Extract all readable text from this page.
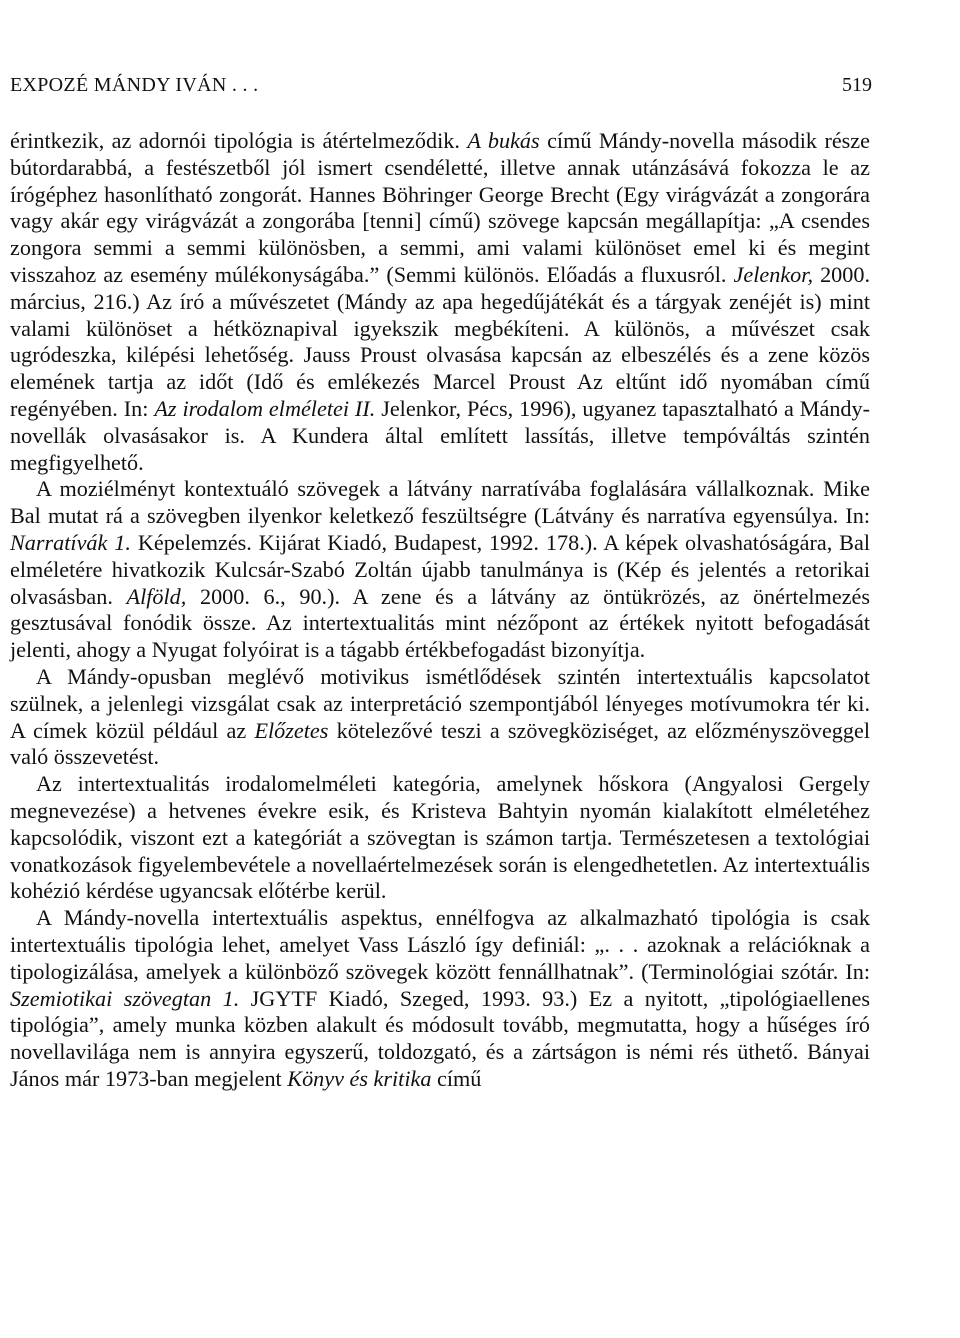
EXPOZÉ MÁNDY IVÁN . . .	519

érintkezik, az adornói tipológia is átértelmeződik. A bukás című Mándy-novella második része bútordarabbá, a festészetből jól ismert csendéletté, illetve annak utánzásává fokozza le az írógéphez hasonlítható zongorát. Hannes Böhringer George Brecht (Egy virágvázát a zongorára vagy akár egy virágvázát a zongorába [tenni] című) szövege kapcsán megállapítja: „A csendes zongora semmi a semmi különösben, a semmi, ami valami különöset emel ki és megint visszahoz az esemény múlékonyságába.” (Semmi különös. Előadás a fluxusról. Jelenkor, 2000. március, 216.) Az író a művészetet (Mándy az apa hegedűjátékát és a tárgyak zenéjét is) mint valami különöset a hétköznapival igyekszik megbékíteni. A különös, a művészet csak ugródeszka, kilépési lehetőség. Jauss Proust olvasása kapcsán az elbeszélés és a zene közös elemének tartja az időt (Idő és emlékezés Marcel Proust Az eltűnt idő nyomában című regényében. In: Az irodalom elméletei II. Jelenkor, Pécs, 1996), ugyanez tapasztalható a Mándy-novellák olvasásakor is. A Kundera által említett lassítás, illetve tempóváltás szintén megfigyelhető.

A moziélményt kontextuáló szövegek a látvány narratívába foglalására vállalkoznak. Mike Bal mutat rá a szövegben ilyenkor keletkező feszültségre (Látvány és narratíva egyensúlya. In: Narratívák 1. Képelemzés. Kijárat Kiadó, Budapest, 1992. 178.). A képek olvashatóságára, Bal elméletére hivatkozik Kulcsár-Szabó Zoltán újabb tanulmánya is (Kép és jelentés a retorikai olvasásban. Alföld, 2000. 6., 90.). A zene és a látvány az öntükrözés, az önértelmezés gesztusával fonódik össze. Az intertextualitás mint nézőpont az értékek nyitott befogadását jelenti, ahogy a Nyugat folyóirat is a tágabb értékbefogadást bizonyítja.

A Mándy-opusban meglévő motivikus ismétlődések szintén intertextuális kapcsolatot szülnek, a jelenlegi vizsgálat csak az interpretáció szempontjából lényeges motívumokra tér ki. A címek közül például az Előzetes kötelezővé teszi a szövegköziséget, az előzményszöveggel való összevetést.

Az intertextualitás irodalomelméleti kategória, amelynek hőskora (Angyalosi Gergely megnevezése) a hetvenes évekre esik, és Kristeva Bahtyin nyomán kialakított elméletéhez kapcsolódik, viszont ezt a kategóriát a szövegtan is számon tartja. Természetesen a textológiai vonatkozások figyelembevétele a novellaértelmezések során is elengedhetetlen. Az intertextuális kohézió kérdése ugyancsak előtérbe kerül.

A Mándy-novella intertextuális aspektus, ennélfogva az alkalmazható tipológia is csak intertextuális tipológia lehet, amelyet Vass László így definiál: „. . . azoknak a relációknak a tipologizálása, amelyek a különböző szövegek között fennállhatnak”. (Terminológiai szótár. In: Szemiotikai szövegtan 1. JGYTF Kiadó, Szeged, 1993. 93.) Ez a nyitott, „tipológiaellenes tipológia”, amely munka közben alakult és módosult tovább, megmutatta, hogy a hűséges író novellavilága nem is annyira egyszerű, toldozgató, és a zártságon is némi rés üthető. Bányai János már 1973-ban megjelent Könyv és kritika című
